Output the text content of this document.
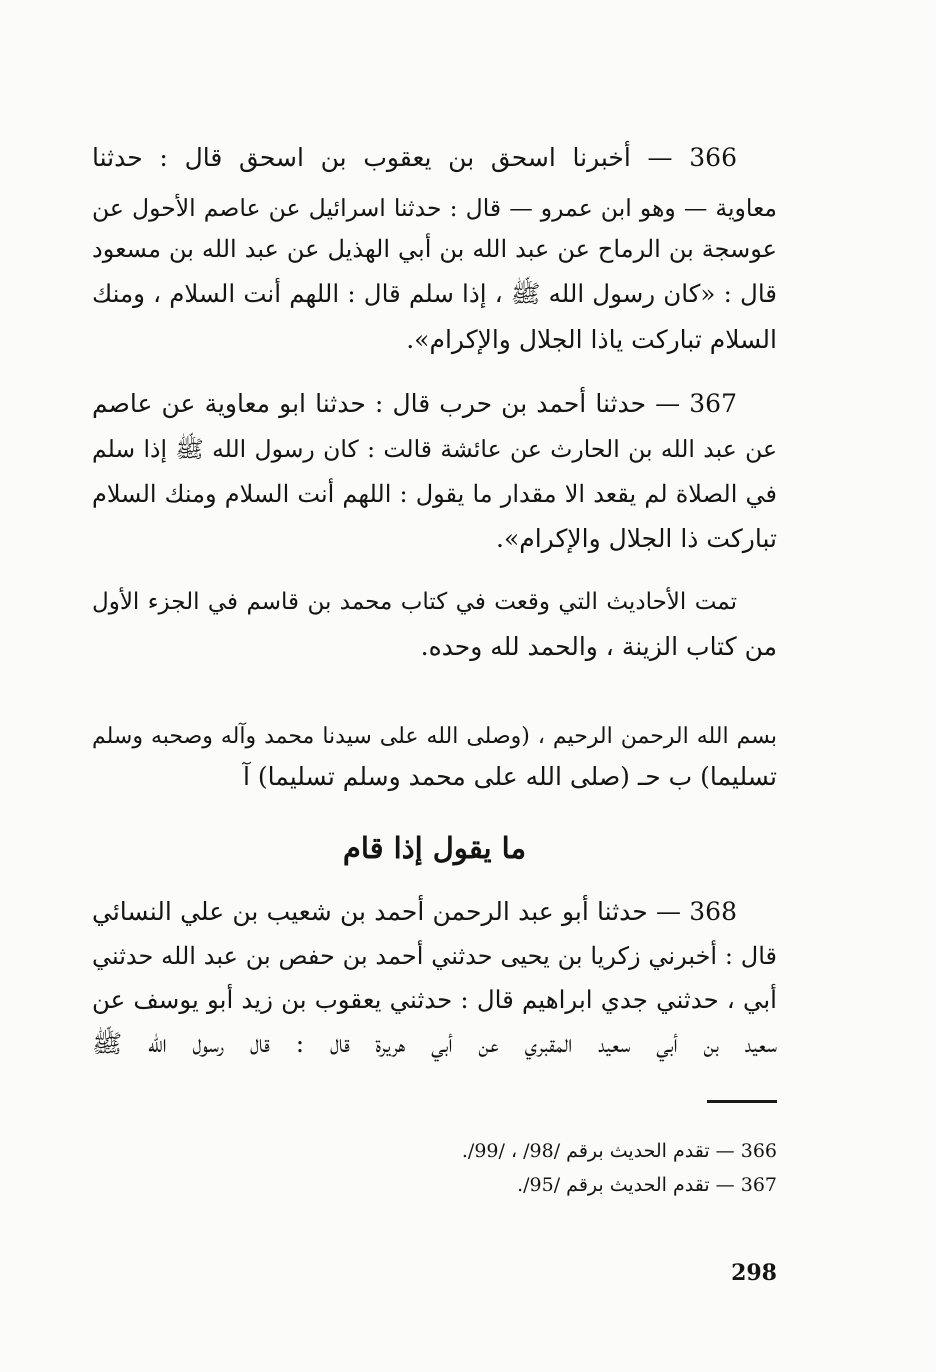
366 — أخبرنا اسحق بن يعقوب بن اسحق قال : حدثنا
معاوية — وهو ابن عمرو — قال : حدثنا اسرائيل عن عاصم الأحول عن
عوسجة بن الرماح عن عبد الله بن أبي الهذيل عن عبد الله بن مسعود
قال : «كان رسول الله ﷺ ، إذا سلم قال : اللهم أنت السلام ، ومنك
السلام تباركت ياذا الجلال والإكرام».
367 — حدثنا أحمد بن حرب قال : حدثنا ابو معاوية عن عاصم
عن عبد الله بن الحارث عن عائشة قالت : كان رسول الله ﷺ إذا سلم
في الصلاة لم يقعد الا مقدار ما يقول : اللهم أنت السلام ومنك السلام
تباركت ذا الجلال والإكرام».
تمت الأحاديث التي وقعت في كتاب محمد بن قاسم في الجزء الأول
من كتاب الزينة ، والحمد لله وحده.
بسم الله الرحمن الرحيم ، (وصلى الله على سيدنا محمد وآله وصحبه وسلم
تسليما) ب حـ (صلى الله على محمد وسلم تسليما) آ
ما يقول إذا قام
368 — حدثنا أبو عبد الرحمن أحمد بن شعيب بن علي النسائي
قال : أخبرني زكريا بن يحيى حدثني أحمد بن حفص بن عبد الله حدثني
أبي ، حدثني جدي ابراهيم قال : حدثني يعقوب بن زيد أبو يوسف عن
سعيد بن أبي سعيد المقبري عن أبي هريرة قال : قال رسول الله ﷺ
366 — تقدم الحديث برقم /98/ ، /99/.
367 — تقدم الحديث برقم /95/.
298
